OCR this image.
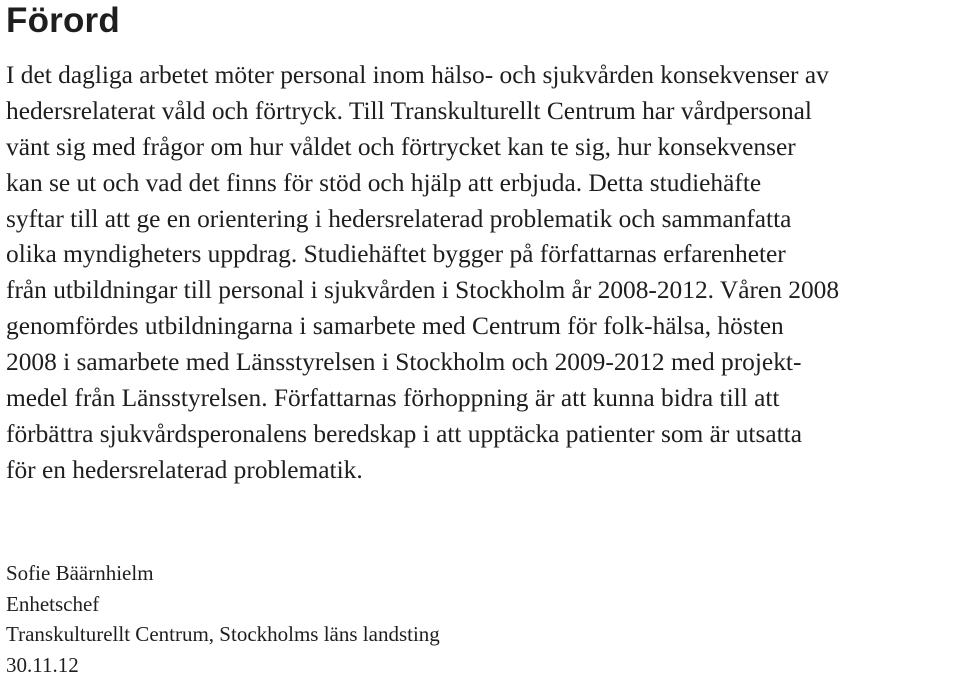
Förord
I det dagliga arbetet möter personal inom hälso- och sjukvården konsekvenser av
hedersrelaterat våld och förtryck. Till Transkulturellt Centrum har vårdpersonal
vänt sig med frågor om hur våldet och förtrycket kan te sig, hur konsekvenser
kan se ut och vad det finns för stöd och hjälp att erbjuda. Detta studiehäfte
syftar till att ge en orientering i hedersrelaterad problematik och sammanfatta
olika myndigheters uppdrag. Studiehäftet bygger på författarnas erfarenheter
från utbildningar till personal i sjukvården i Stockholm år 2008-2012. Våren 2008
genomfördes utbildningarna i samarbete med Centrum för folk-hälsa, hösten
2008 i samarbete med Länsstyrelsen i Stockholm och 2009-2012 med projekt-
medel från Länsstyrelsen. Författarnas förhoppning är att kunna bidra till att
förbättra sjukvårdsperonalens beredskap i att upptäcka patienter som är utsatta
för en hedersrelaterad problematik.
Sofie Bäärnhielm
Enhetschef
Transkulturellt Centrum, Stockholms läns landsting
30.11.12
